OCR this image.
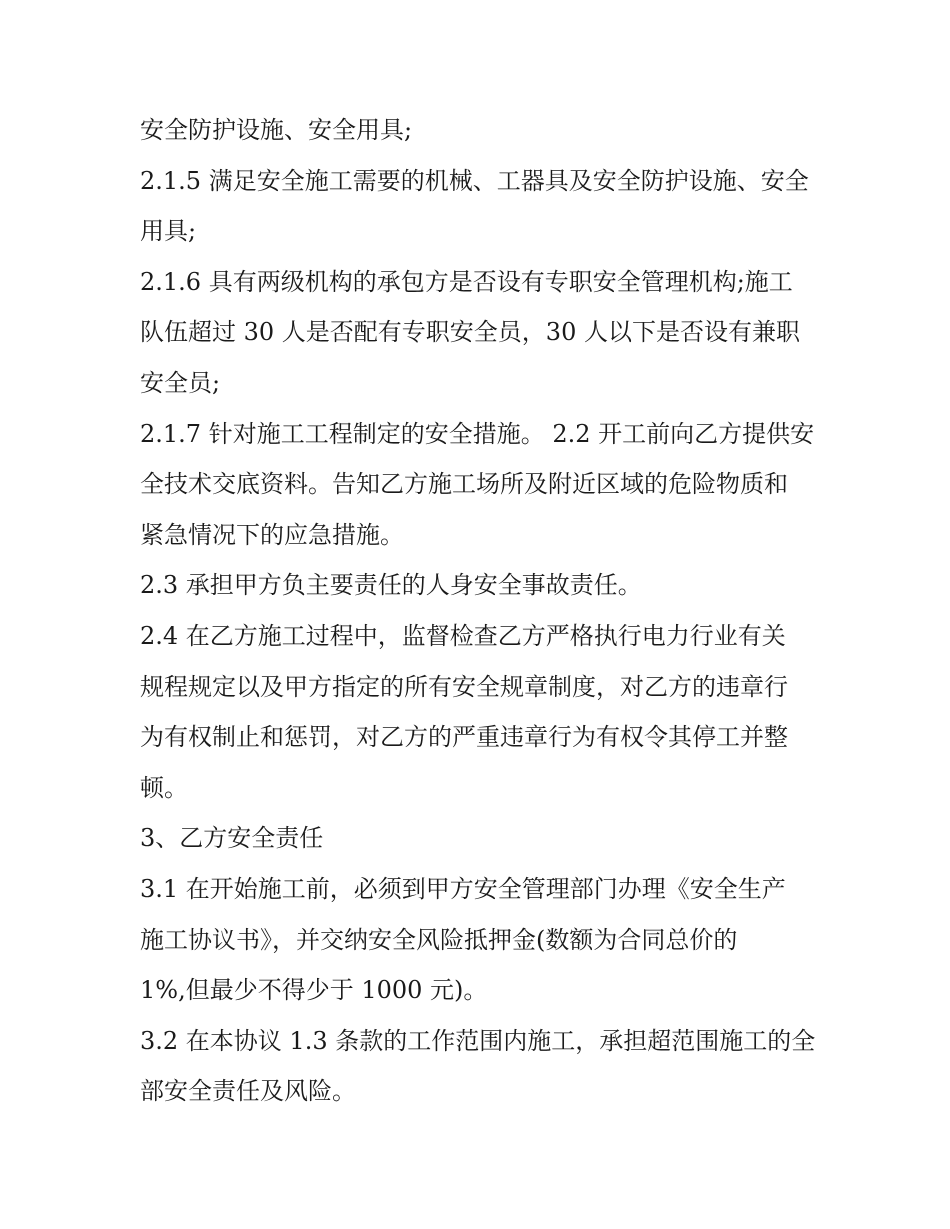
安全防护设施、安全用具;
2.1.5 满足安全施工需要的机械、工器具及安全防护设施、安全
用具;
2.1.6 具有两级机构的承包方是否设有专职安全管理机构;施工
队伍超过 30 人是否配有专职安全员，30 人以下是否设有兼职
安全员;
2.1.7 针对施工工程制定的安全措施。 2.2 开工前向乙方提供安
全技术交底资料。告知乙方施工场所及附近区域的危险物质和
紧急情况下的应急措施。
2.3 承担甲方负主要责任的人身安全事故责任。
2.4 在乙方施工过程中，监督检查乙方严格执行电力行业有关
规程规定以及甲方指定的所有安全规章制度，对乙方的违章行
为有权制止和惩罚，对乙方的严重违章行为有权令其停工并整
顿。
3、乙方安全责任
3.1 在开始施工前，必须到甲方安全管理部门办理《安全生产
施工协议书》，并交纳安全风险抵押金(数额为合同总价的
1%,但最少不得少于 1000 元)。
3.2 在本协议 1.3 条款的工作范围内施工，承担超范围施工的全
部安全责任及风险。
